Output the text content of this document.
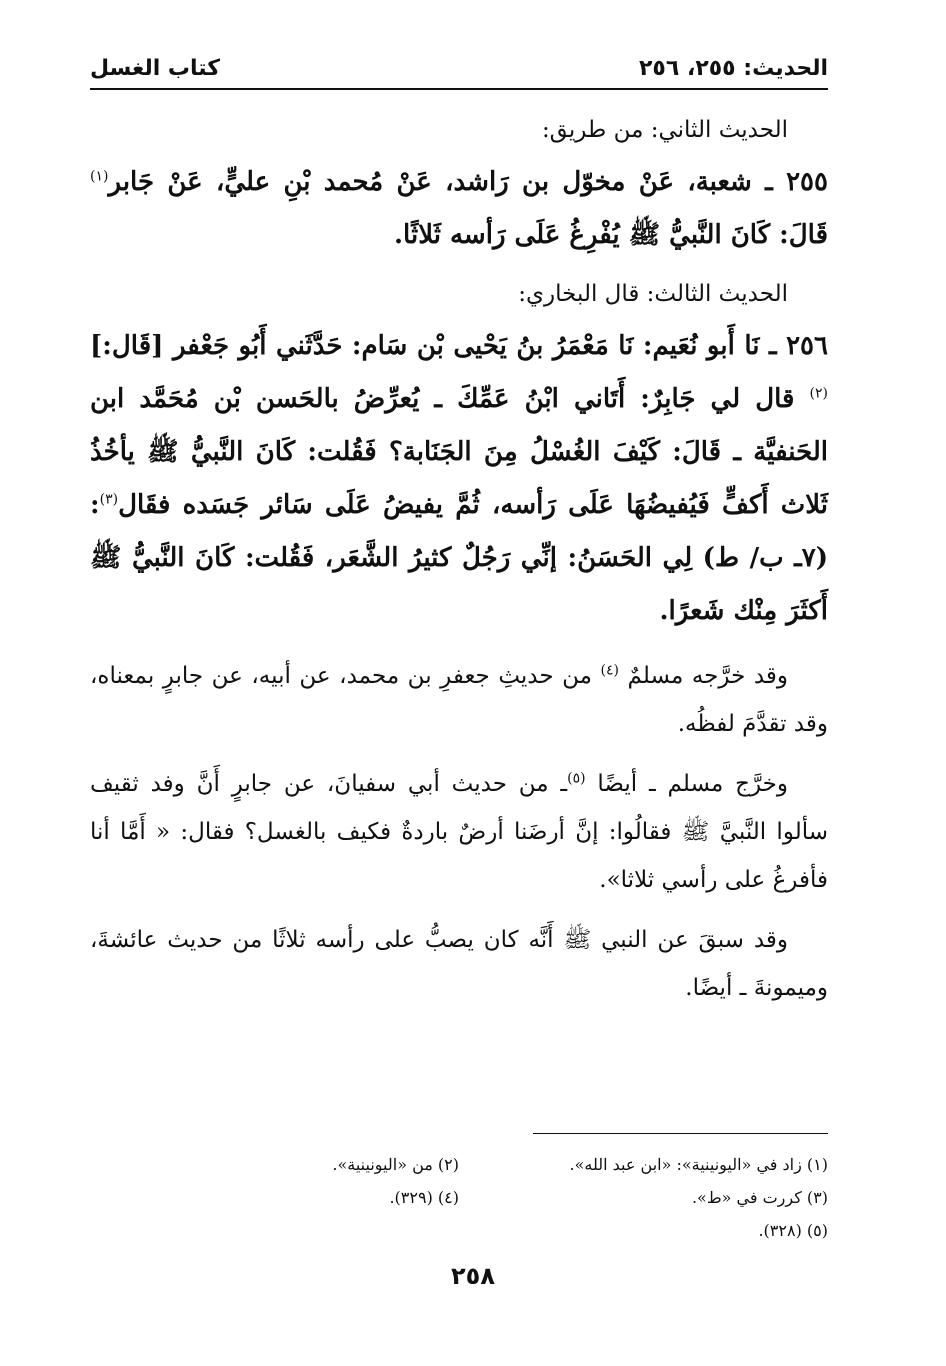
الحديث: ٢٥٥، ٢٥٦
كتاب الغسل

الحديث الثاني: من طريق:

٢٥٥ ـ شعبة، عَنْ مخوّل بن رَاشد، عَنْ مُحمد بْنِ عليٍّ، عَنْ جَابر$^{(١)}$ قَالَ: كَانَ النَّبيُّ ﷺ يُفْرِغُ عَلَى رَأسه ثَلاثًا.

الحديث الثالث: قال البخاري:

٢٥٦ ـ نَا أَبو نُعَيم: نَا مَعْمَرُ بنُ يَحْيى بْن سَام: حَدَّثَني أَبُو جَعْفر [قَال:]$^{(٢)}$ قال لي جَابِرٌ: أَتَاني ابْنُ عَمِّكَ ـ يُعرِّضُ بالحَسن بْن مُحَمَّد ابن الحَنفيَّة ـ قَالَ: كَيْفَ الغُسْلُ مِنَ الجَنَابة؟ فَقُلت: كَانَ النَّبيُّ ﷺ يأخُذُ ثَلاث أَكفٍّ فَيُفيضُهَا عَلَى رَأسه، ثُمَّ يفيضُ عَلَى سَائر جَسَده فقَال$^{(٣)}$:(٧ـ ب/ ط) لِي الحَسَنُ: إنِّي رَجُلٌ كثيرُ الشَّعَر، فَقُلت: كَانَ النَّبيُّ ﷺ أَكثَرَ مِنْك شَعرًا.

وقد خرَّجه مسلمٌ $^{(٤)}$ من حديثِ جعفرِ بن محمد، عن أبيه، عن جابرٍ بمعناه، وقد تقدَّمَ لفظُه.

وخرَّج مسلم ـ أيضًا $^{(٥)}$ـ من حديث أبي سفيانَ، عن جابرٍ أَنَّ وفد ثقيف سألوا النَّبيَّ ﷺ فقالُوا: إنَّ أرضَنا أرضٌ باردةٌ فكيف بالغسل؟ فقال: « أَمَّا أنا فأفرغُ على رأسي ثلاثا».

وقد سبقَ عن النبي ﷺ أَنَّه كان يصبُّ على رأسه ثلاثًا من حديث عائشةَ، وميمونةَ ـ أيضًا.

(١) زاد في «اليونينية»: «ابن عبد الله».
(٢) من «اليونينية».
(٣) كررت في «ط».
(٤) (٣٢٩).
(٥) (٣٢٨).
٢٥٨
